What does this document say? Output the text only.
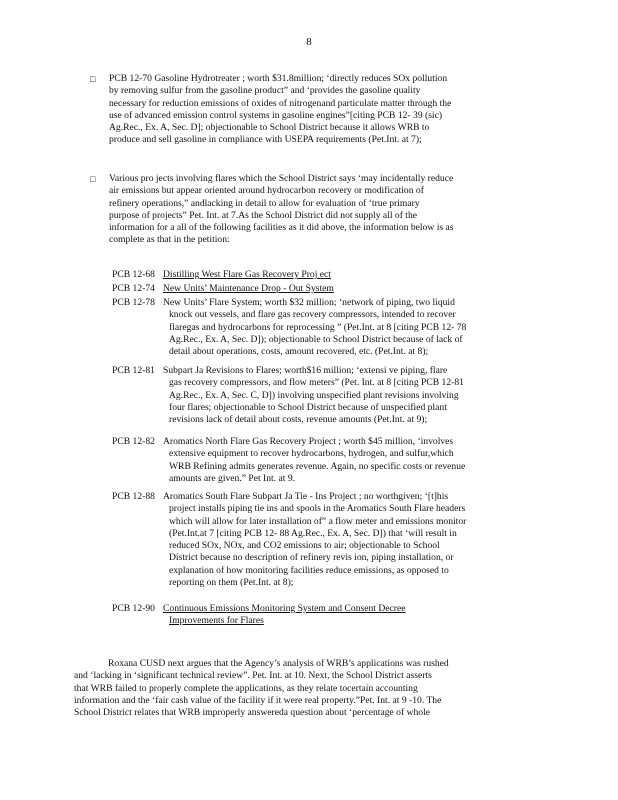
8
□ PCB 12-70 Gasoline Hydrotreater ; worth $31.8million; ‘directly reduces SOx pollution
by removing sulfur from the gasoline product” and ‘provides the gasoline quality
necessary for reduction emissions of oxides of nitrogenand particulate matter through the
use of advanced emission control systems in gasoline engines”[citing PCB 12- 39 (sic)
Ag.Rec., Ex. A, Sec. D]; objectionable to School District because it allows WRB to
produce and sell gasoline in compliance with USEPA requirements (Pet.Int. at 7);
□ Various pro jects involving flares which the School District says ‘may incidentally reduce
air emissions but appear oriented around hydrocarbon recovery or modification of
refinery operations,” andlacking in detail to allow for evaluation of ‘true primary
purpose of projects” Pet. Int. at 7.As the School District did not supply all of the
information for a all of the following facilities as it did above, the information below is as
complete as that in the petition:
PCB 12-68 Distilling West Flare Gas Recovery Proj ect
PCB 12-74 New Units’ Maintenance Drop - Out System
PCB 12-78 New Units’ Flare System; worth $32 million; ‘network of piping, two liquid
knock out vessels, and flare gas recovery compressors, intended to recover
flaregas and hydrocarbons for reprocessing ” (Pet.Int. at 8 [citing PCB 12- 78
Ag.Rec., Ex. A, Sec. D]); objectionable to School District because of lack of
detail about operations, costs, amount recovered, etc. (Pet.Int. at 8);
PCB 12-81 Subpart Ja Revisions to Flares; worth$16 million; ‘extensi ve piping, flare
gas recovery compressors, and flow meters” (Pet. Int. at 8 [citing PCB 12-81
Ag.Rec., Ex. A, Sec. C, D]) involving unspecified plant revisions involving
four flares; objectionable to School District because of unspecified plant
revisions lack of detail about costs, revenue amounts (Pet.Int. at 9);
PCB 12-82 Aromatics North Flare Gas Recovery Project ; worth $45 million, ‘involves
extensive equipment to recover hydrocarbons, hydrogen, and sulfur,which
WRB Refining admits generates revenue. Again, no specific costs or revenue
amounts are given.” Pet Int. at 9.
PCB 12-88 Aromatics South Flare Subpart Ja Tie - Ins Project ; no worthgiven; ‘[t]his
project installs piping tie ins and spools in the Aromatics South Flare headers
which will allow for later installation of” a flow meter and emissions monitor
(Pet.Int.at 7 [citing PCB 12- 88 Ag.Rec., Ex. A, Sec. D]) that ‘will result in
reduced SOx, NOx, and CO2 emissions to air; objectionable to School
District because no description of refinery revis ion, piping installation, or
explanation of how monitoring facilities reduce emissions, as opposed to
reporting on them (Pet.Int. at 8);
PCB 12-90 Continuous Emissions Monitoring System and Consent Decree
Improvements for Flares
Roxana CUSD next argues that the Agency’s analysis of WRB’s applications was rushed
and ‘lacking in ‘significant technical review”. Pet. Int. at 10. Next, the School District asserts
that WRB failed to properly complete the applications, as they relate tocertain accounting
information and the ‘fair cash value of the facility if it were real property.”Pet. Int. at 9 -10. The
School District relates that WRB improperly answereda question about ‘percentage of whole
